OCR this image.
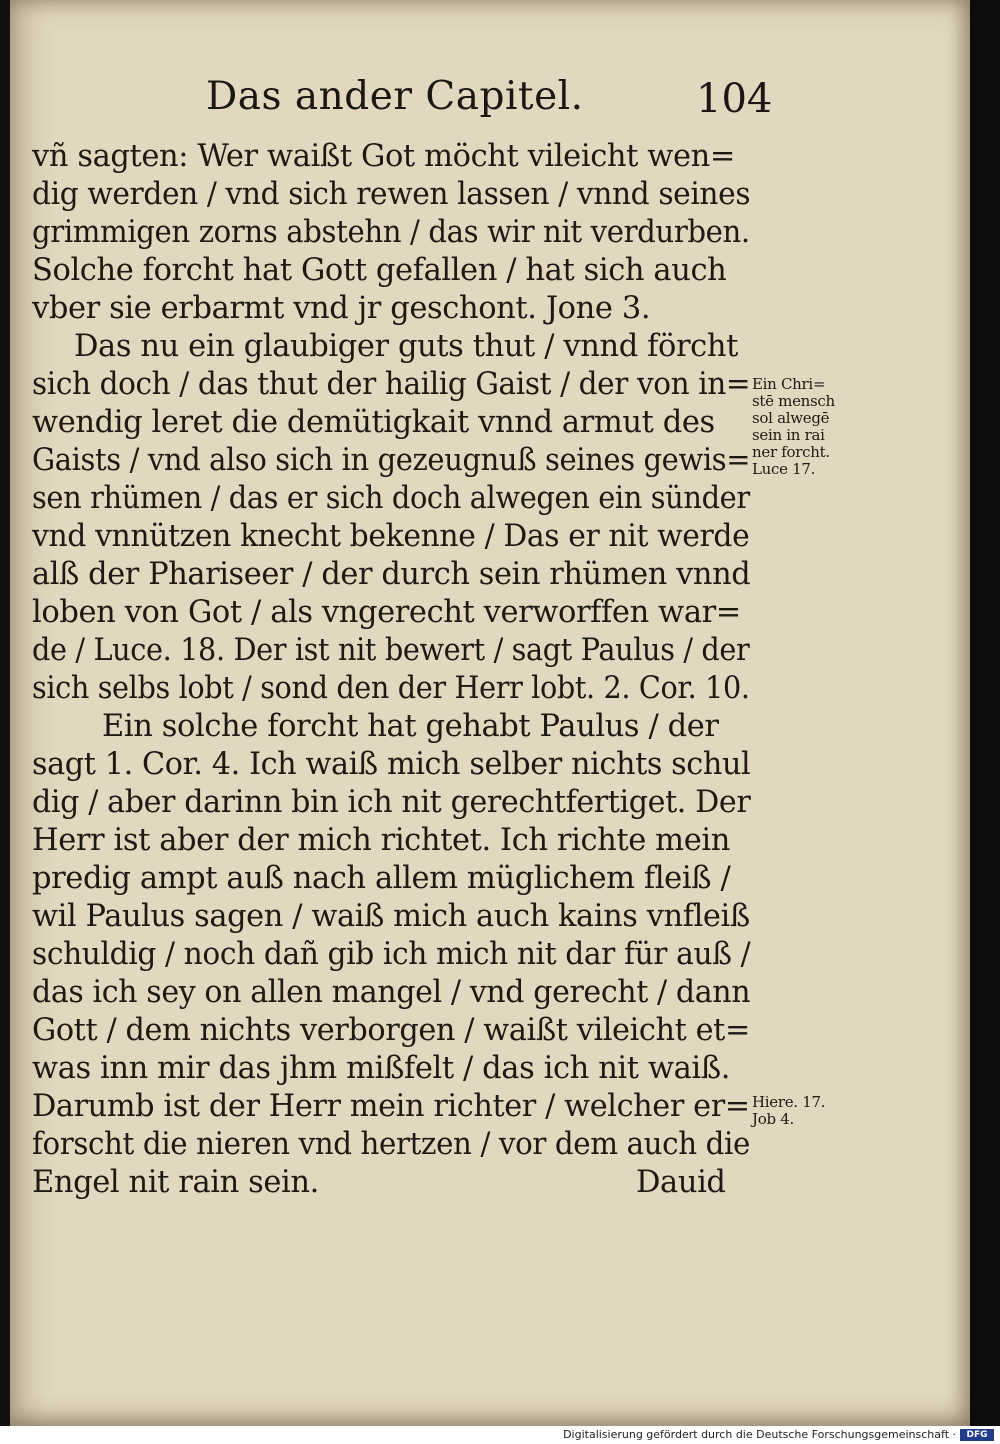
Das ander Capitel.	104
vñ sagten: Wer waißt Got möcht vileicht wen=
dig werden / vnd sich rewen lassen / vnnd seines
grimmigen zorns abstehn / das wir nit verdurben.
Solche forcht hat Gott gefallen / hat sich auch
vber sie erbarmt vnd jr geschont. Jone 3.
Das nu ein glaubiger guts thut / vnnd förcht
sich doch / das thut der hailig Gaist / der von in=
wendig leret die demütigkait vnnd armut des
Gaists / vnd also sich in gezeugnuß seines gewis=
sen rhümen / das er sich doch alwegen ein sünder
vnd vnnützen knecht bekenne / Das er nit werde
alß der Phariseer / der durch sein rhümen vnnd
loben von Got / als vngerecht verworffen war=
de / Luce. 18. Der ist nit bewert / sagt Paulus / der
sich selbs lobt / sond den der Herr lobt. 2. Cor. 10.
Ein solche forcht hat gehabt Paulus / der
sagt 1. Cor. 4. Ich waiß mich selber nichts schul
dig / aber darinn bin ich nit gerechtfertiget. Der
Herr ist aber der mich richtet. Ich richte mein
predig ampt auß nach allem müglichem fleiß /
wil Paulus sagen / waiß mich auch kains vnfleiß
schuldig / noch dañ gib ich mich nit dar für auß /
das ich sey on allen mangel / vnd gerecht / dann
Gott / dem nichts verborgen / waißt vileicht et=
was inn mir das jhm mißfelt / das ich nit waiß.
Darumb ist der Herr mein richter / welcher er=
forscht die nieren vnd hertzen / vor dem auch die
Engel nit rain sein.	Dauid
Ein Chri=
stē mensch
sol alwegē
sein in rai
ner forcht.
Luce 17.
Hiere. 17.
Job 4.
Digitalisierung gefördert durch die Deutsche Forschungsgemeinschaft ·	DFG
